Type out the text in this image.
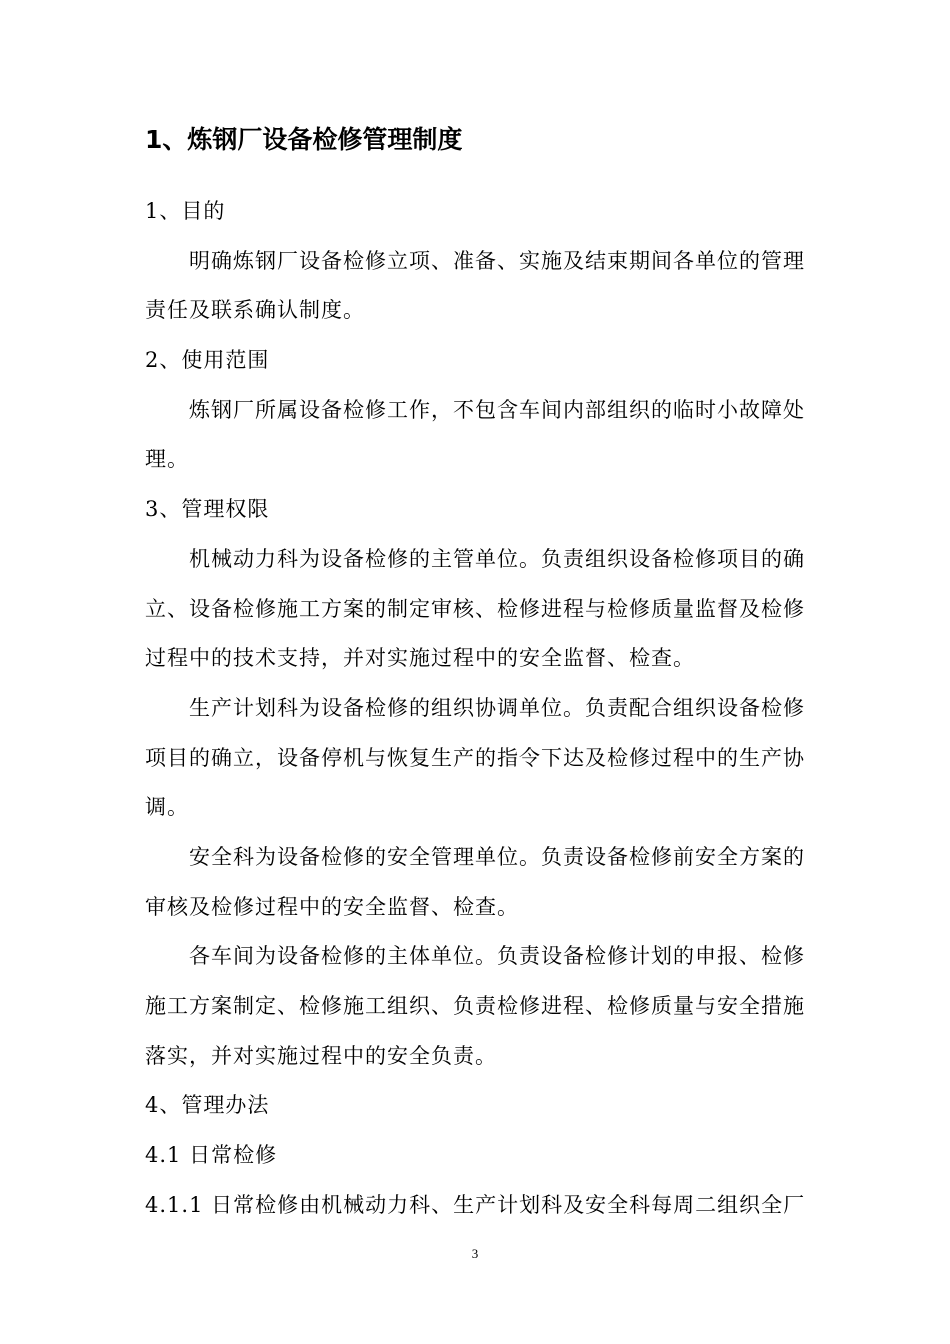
1、炼钢厂设备检修管理制度
1、目的
明确炼钢厂设备检修立项、准备、实施及结束期间各单位的管理
责任及联系确认制度。
2、使用范围
炼钢厂所属设备检修工作，不包含车间内部组织的临时小故障处
理。
3、管理权限
机械动力科为设备检修的主管单位。负责组织设备检修项目的确
立、设备检修施工方案的制定审核、检修进程与检修质量监督及检修
过程中的技术支持，并对实施过程中的安全监督、检查。
生产计划科为设备检修的组织协调单位。负责配合组织设备检修
项目的确立，设备停机与恢复生产的指令下达及检修过程中的生产协
调。
安全科为设备检修的安全管理单位。负责设备检修前安全方案的
审核及检修过程中的安全监督、检查。
各车间为设备检修的主体单位。负责设备检修计划的申报、检修
施工方案制定、检修施工组织、负责检修进程、检修质量与安全措施
落实，并对实施过程中的安全负责。
4、管理办法
4.1 日常检修
4.1.1 日常检修由机械动力科、生产计划科及安全科每周二组织全厂
3
